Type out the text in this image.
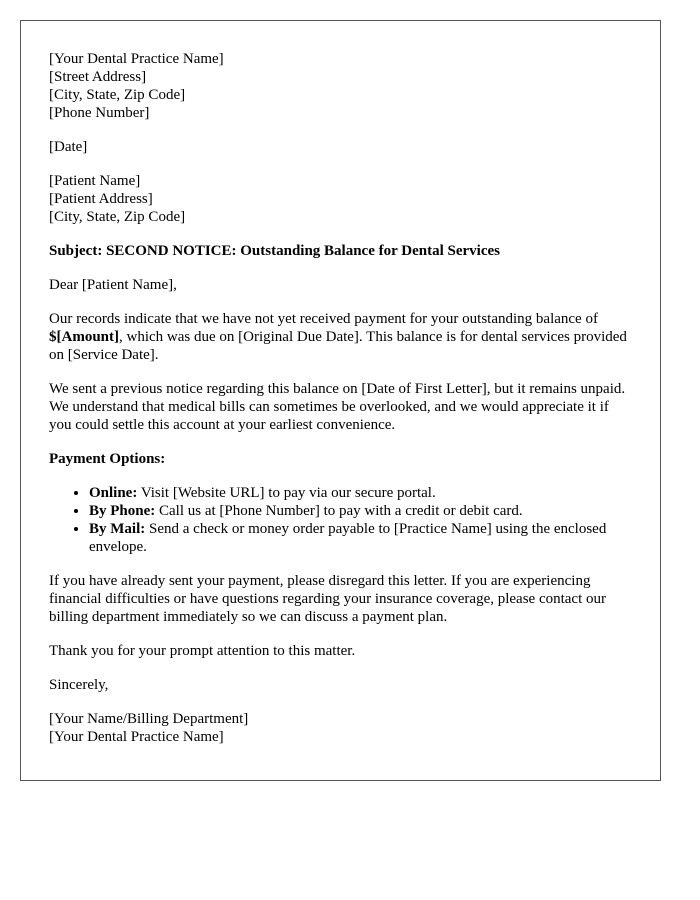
[Your Dental Practice Name]
[Street Address]
[City, State, Zip Code]
[Phone Number]
[Date]
[Patient Name]
[Patient Address]
[City, State, Zip Code]

Subject: SECOND NOTICE: Outstanding Balance for Dental Services

Dear [Patient Name],

Our records indicate that we have not yet received payment for your outstanding balance of $[Amount], which was due on [Original Due Date]. This balance is for dental services provided on [Service Date].

We sent a previous notice regarding this balance on [Date of First Letter], but it remains unpaid. We understand that medical bills can sometimes be overlooked, and we would appreciate it if you could settle this account at your earliest convenience.

Payment Options:

• Online: Visit [Website URL] to pay via our secure portal.
• By Phone: Call us at [Phone Number] to pay with a credit or debit card.
• By Mail: Send a check or money order payable to [Practice Name] using the enclosed envelope.

If you have already sent your payment, please disregard this letter. If you are experiencing financial difficulties or have questions regarding your insurance coverage, please contact our billing department immediately so we can discuss a payment plan.

Thank you for your prompt attention to this matter.

Sincerely,

[Your Name/Billing Department]
[Your Dental Practice Name]
